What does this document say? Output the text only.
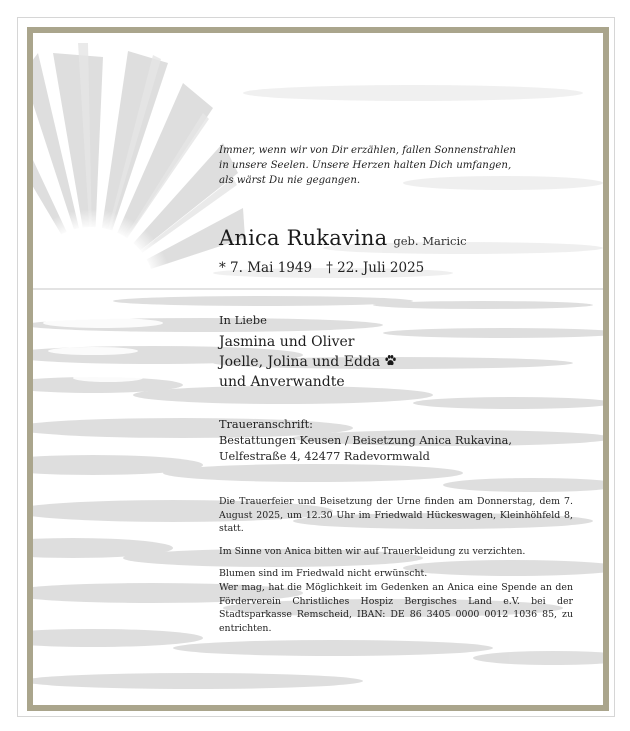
Immer, wenn wir von Dir erzählen, fallen Sonnenstrahlen
in unsere Seelen. Unsere Herzen halten Dich umfangen,
als wärst Du nie gegangen.
Anica Rukavina geb. Maricic
* 7. Mai 1949 † 22. Juli 2025
In Liebe
Jasmina und Oliver
Joelle, Jolina und Edda
und Anverwandte
Traueranschrift:
Bestattungen Keusen / Beisetzung Anica Rukavina,
Uelfestraße 4, 42477 Radevormwald

Die Trauerfeier und Beisetzung der Urne finden am Donnerstag, dem 7. August 2025, um 12.30 Uhr im Friedwald Hückeswagen, Kleinhöhfeld 8, statt.

Im Sinne von Anica bitten wir auf Trauerkleidung zu verzichten.

Blumen sind im Friedwald nicht erwünscht.
Wer mag, hat die Möglichkeit im Gedenken an Anica eine Spende an den Förderverein Christliches Hospiz Bergisches Land e.V. bei der Stadtsparkasse Remscheid, IBAN: DE 86 3405 0000 0012 1036 85, zu entrichten.
